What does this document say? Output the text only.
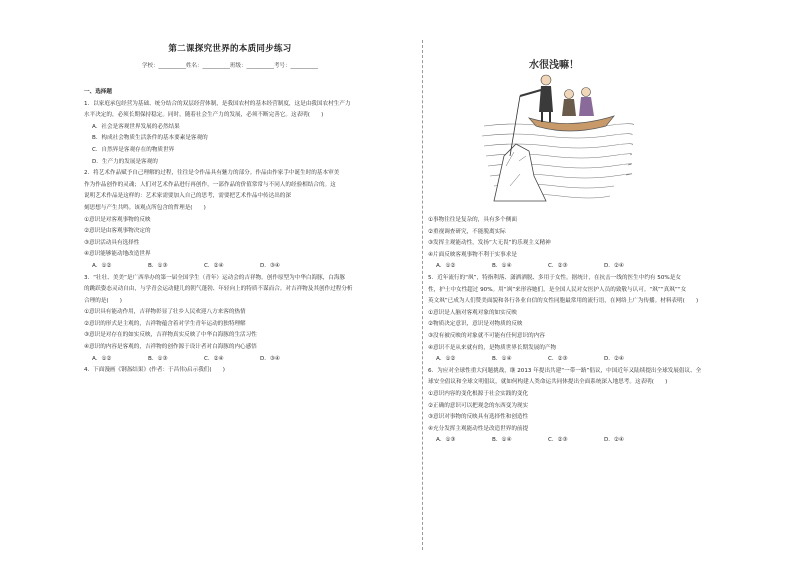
第二课探究世界的本质同步练习
学校：__________姓名：__________班级：__________考号：__________

一、选择题

1．以家庭承包经营为基础、统分结合的双层经营体制，是我国农村的基本经营制度，这是由我国农村生产力

水平决定的，必须长期保持稳定。同时，随着社会生产力的发展，必须不断完善它。这表明(　　)

A．社会是客观世界发展的必然结果

B．构成社会物质生活条件的基本要素是客观的

C．自然界是客观存在的物质世界

D．生产力的发展是客观的

2．将艺术作品赋予自己理解的过程，往往是令作品具有魅力的部分。作品由作家手中诞生时的基本审美

作为作品创作的灵魂；人们对艺术作品进行再创作，一部作品的价值常常与不同人的经验相结合的。这

说明艺术作品是这样的：艺术家需要加入自己的思考，需要把艺术作品中传达出的深

刻思想与产生共鸣。该观点所包含的哲理是(　　)

①意识是对客观事物的反映

②意识是由客观事物决定的

③意识活动具有选择性

④意识能够能动地改造世界

A．①②	B．①③	C．②④	D．③④

3．“壮壮、美美”是广西举办的第一届全国学生（青年）运动会的吉祥物。创作原型为中华白海豚，白海豚

的跳跃姿态灵动自由，与学青会运动健儿的朝气蓬勃、年轻向上的特质不谋而合。对吉祥物及其创作过程分析

合理的是(　　)

①意识具有能动作用，吉祥物彰显了壮乡人民欢迎八方来客的热情

②意识的形式是主观的，吉祥物蕴含着对学生青年运动的独特理解

③意识是对存在的如实反映，吉祥物真实反映了中华白海豚的生活习性

④意识的内容是客观的，吉祥物的创作源于设计者对白海豚的内心感悟

A．①②	B．①③	C．②④	D．③④

4．下面漫画《钢盔结果》(作者：于昌伟)启示我们(　　)

水很浅嘛！

①事物往往是复杂的，具有多个侧面

②重视调查研究，不能脱离实际

③发挥主观能动性，发扬“大无畏”的乐观主义精神

④片面反映客观事物不利于实事求是

A．①②	B．①④	C．②③	D．②④

5．近年流行的“飒”，特指利落、潇洒洒脱、多用于女性。据统计，在抗击一线的医生中约有 50%是女

性，护士中女性超过 90%。用“飒”来形容她们，是全国人民对女医护人员的致敬与认可。“飒”“真飒”“女

英文飒”已成为人们赞美面貌和各行各业自信的女性同胞最常用的流行语，在网络上广为传播。材料表明(　　)

①意识是人脑对客观对象的如实反映

②物质决定意识，意识是对物质的反映

③没有被反映的对象就不可能有任何意识的内容

④意识不是从来就有的，是物质世界长期发展的产物

A．①②	B．①④	C．②③	D．②④

6．为应对全球性重大问题挑战，继 2013 年提出共建“一带一路”倡议，中国近年又陆续提出全球发展倡议、全

球安全倡议和全球文明倡议，就如何构建人类命运共同体提出全面系统深入地思考。这表明(　　)

①意识内容的变化根源于社会实践的变化

②正确的意识可以把观念的东西变为现实

③意识对事物的反映具有选择性和创造性

④充分发挥主观能动性是改造世界的前提

A．①③	B．①④	C．②③	D．②④
